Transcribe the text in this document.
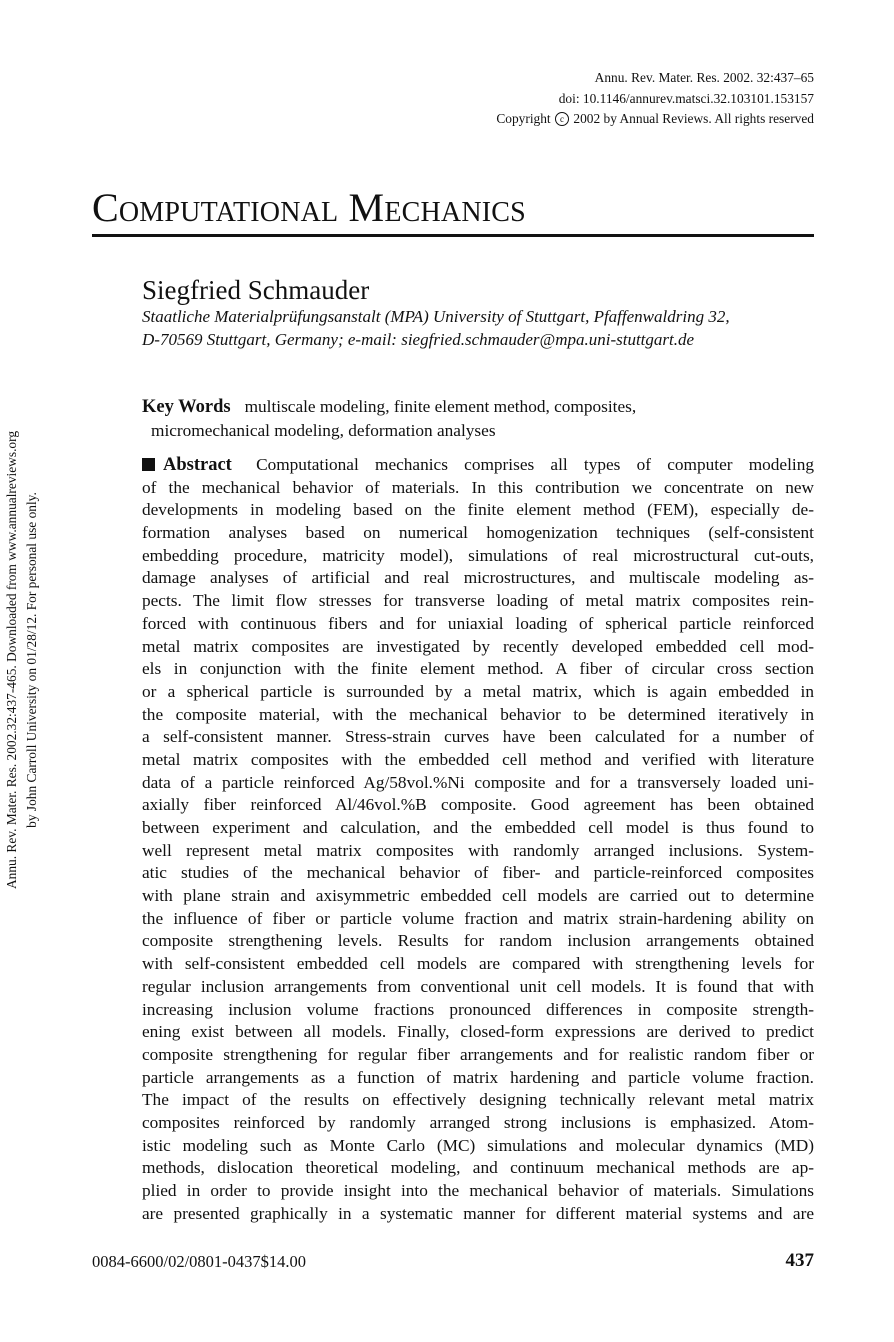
Annu. Rev. Mater. Res. 2002. 32:437–65
doi: 10.1146/annurev.matsci.32.103101.153157
Copyright c 2002 by Annual Reviews. All rights reserved
Computational Mechanics
Siegfried Schmauder
Staatliche Materialprüfungsanstalt (MPA) University of Stuttgart, Pfaffenwaldring 32,
D-70569 Stuttgart, Germany; e-mail: siegfried.schmauder@mpa.uni-stuttgart.de
Key Words multiscale modeling, finite element method, composites,
micromechanical modeling, deformation analyses
Abstract Computational mechanics comprises all types of computer modeling
of the mechanical behavior of materials. In this contribution we concentrate on new
developments in modeling based on the finite element method (FEM), especially de-
formation analyses based on numerical homogenization techniques (self-consistent
embedding procedure, matricity model), simulations of real microstructural cut-outs,
damage analyses of artificial and real microstructures, and multiscale modeling as-
pects. The limit flow stresses for transverse loading of metal matrix composites rein-
forced with continuous fibers and for uniaxial loading of spherical particle reinforced
metal matrix composites are investigated by recently developed embedded cell mod-
els in conjunction with the finite element method. A fiber of circular cross section
or a spherical particle is surrounded by a metal matrix, which is again embedded in
the composite material, with the mechanical behavior to be determined iteratively in
a self-consistent manner. Stress-strain curves have been calculated for a number of
metal matrix composites with the embedded cell method and verified with literature
data of a particle reinforced Ag/58vol.%Ni composite and for a transversely loaded uni-
axially fiber reinforced Al/46vol.%B composite. Good agreement has been obtained
between experiment and calculation, and the embedded cell model is thus found to
well represent metal matrix composites with randomly arranged inclusions. System-
atic studies of the mechanical behavior of fiber- and particle-reinforced composites
with plane strain and axisymmetric embedded cell models are carried out to determine
the influence of fiber or particle volume fraction and matrix strain-hardening ability on
composite strengthening levels. Results for random inclusion arrangements obtained
with self-consistent embedded cell models are compared with strengthening levels for
regular inclusion arrangements from conventional unit cell models. It is found that with
increasing inclusion volume fractions pronounced differences in composite strength-
ening exist between all models. Finally, closed-form expressions are derived to predict
composite strengthening for regular fiber arrangements and for realistic random fiber or
particle arrangements as a function of matrix hardening and particle volume fraction.
The impact of the results on effectively designing technically relevant metal matrix
composites reinforced by randomly arranged strong inclusions is emphasized. Atom-
istic modeling such as Monte Carlo (MC) simulations and molecular dynamics (MD)
methods, dislocation theoretical modeling, and continuum mechanical methods are ap-
plied in order to provide insight into the mechanical behavior of materials. Simulations
are presented graphically in a systematic manner for different material systems and are
Annu. Rev. Mater. Res. 2002.32:437-465. Downloaded from www.annualreviews.org by John Carroll University on 01/28/12. For personal use only.
0084-6600/02/0801-0437$14.00	437
